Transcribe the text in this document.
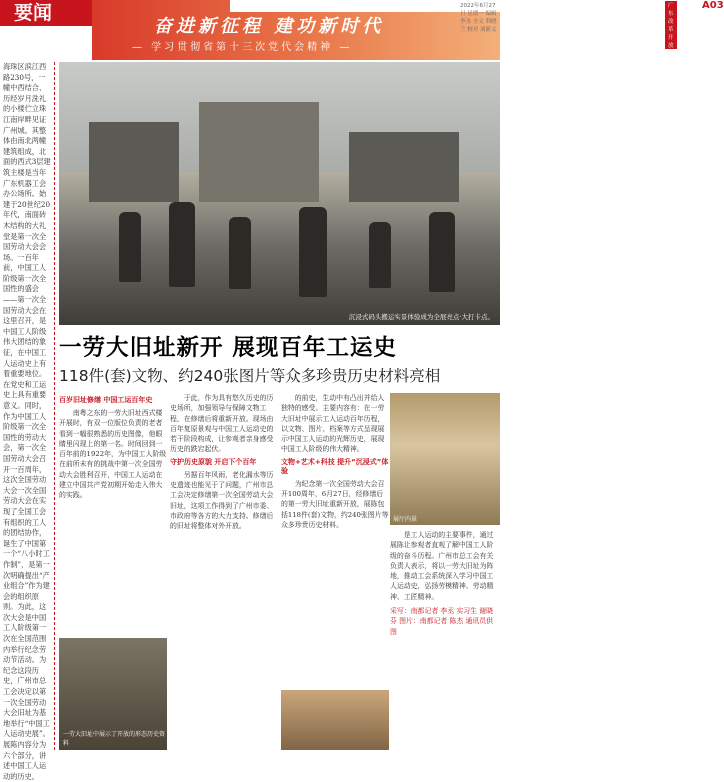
要闻
奋进新征程 建功新时代
— 学习贯彻省第十三次党代会精神 —
2022年6月27日 星期一 编辑 李丞 全文 利晓兰 校对 刘新义
广东 改革开放
A03
海珠区滨江西路230号，一幢中西结合、历经岁月洗礼的小楼伫立珠江南岸畔见证广州城。其整体由南北两幢建筑组成，北面的西式3层建筑主楼是当年广东机器工会办公场所。始建于20世纪20年代，南面砖木结构的大礼堂是第一次全国劳动大会会场。一百年前，中国工人阶级第一次全国性的盛会——第一次全国劳动大会在这里召开，是中国工人阶级伟大团结的象征，在中国工人运动史上有着重要地位。在党史和工运史上具有重要意义。同时，作为中国工人阶级第一次全国性的劳动大会，第一次全国劳动大会召开一百周年，这次全国劳动大会一次全国劳动大会在实现了全国工会有组织的工人的团结协作，诞生了中国第一个“八小时工作制”，是第一次明确提出“产业组合”作为建会的组织原则。为此，这次大会是中国工人阶级第一次在全国范围内举行纪念劳动节活动。为纪念这段历史，广州市总工会决定以第一次全国劳动大会旧址为基地举行“中国工人运动史展”。展陈内容分为六个部分，讲述中国工人运动的历史。
沉浸式码头搬运实景体验成为全展亮点·大打卡点。
一劳大旧址新开 展现百年工运史
118件(套)文物、约240张图片等众多珍贵历史材料亮相
百岁旧址修缮 中国工运百年史

南粤之东的一劳大旧址西式楼开展时，有双一位版位负责的老者看到一幅很熟悉的历史图像，他眼睛里闪现上的第一名。时间回到一百年前的1922年，为中国工人阶级在前所未有的挑战中第一次全国劳动大会胜利召开，中国工人运动在建立中国共产党初期开始走入伟大的实践。

一劳大旧址中展示了开放的形态历史资料

于此，作为具有悠久历史的历史场所，加强领导与保障文物工程，在修缮后将重新开放。现场由百年复原景观与中国工人运动史的若干阶段构成，让参观者亲身感受历史的跌宕起伏。

守护历史原貌 开启下个百年

另据百年风雨，老化漏水等历史遗迹也能见于了问题，广州市总工会决定修缮第一次全国劳动大会旧址，这项工作得到了广州市委、市政府等各方的大力支持。修缮后的旧址将整体对外开放。

的前史，生动中有凸出并给人独特的感受。主要内容有：在一劳大旧址中展示工人运动百年历程，以文物、图片、档案等方式呈现展示中国工人运动的光辉历史，展现中国工人阶级的伟大精神。

文物+艺术+科技 提升“沉浸式”体验

为纪念第一次全国劳动大会召开100周年，6月27日，经修缮后的第一劳大旧址重新开放，展陈包括118件(套)文物，约240张图片等众多珍贵历史材料。

展厅内景

是工人运动的主要事件，通过展陈让参观者直观了解中国工人阶级的奋斗历程。广州市总工会有关负责人表示，将以一劳大旧址为阵地，推动工会系统深入学习中国工人运动史，弘扬劳模精神、劳动精神、工匠精神。

采写：南都记者 李丞 实习生 谢晓芬 图片：南都记者 陈杰 通讯员供图
